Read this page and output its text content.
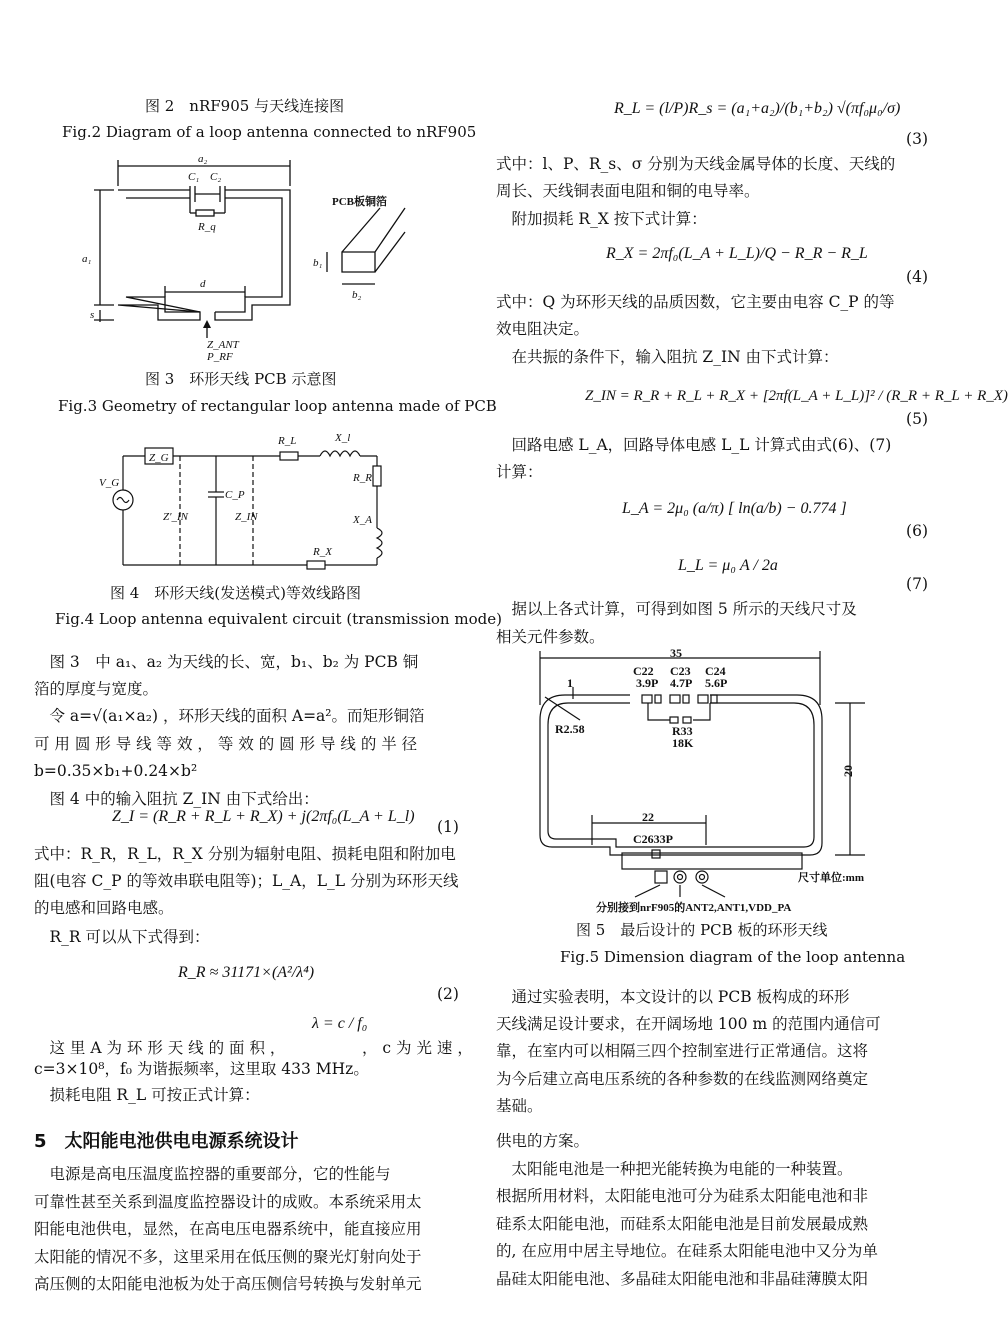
图 2　nRF905 与天线连接图
Fig.2 Diagram of a loop antenna connected to nRF905
a₂
C₁ C₂
R_q
a₁
d
s
Z_ANT
P_RF
b₁
b₂
PCB板铜箔
图 3　环形天线 PCB 示意图
Fig.3 Geometry of rectangular loop antenna made of PCB
V_G
Z_G
R_L	X_l
R_R
Z′_IN
C_P
Z_IN	X_A
R_X
图 4　环形天线(发送模式)等效线路图
Fig.4 Loop antenna equivalent circuit (transmission mode)
　图 3　中 a₁、a₂ 为天线的长、宽，b₁、b₂ 为 PCB 铜
箔的厚度与宽度。
　令 a=√(a₁×a₂) ，环形天线的面积 A=a²。而矩形铜箔
可 用 圆 形 导 线 等 效 ， 等 效 的 圆 形 导 线 的 半 径
b=0.35×b₁+0.24×b²
　图 4 中的输入阻抗 Z_IN 由下式给出：
Z_I = (R_R + R_L + R_X) + j(2πf₀(L_A + L_l)
(1)
式中：R_R，R_L，R_X 分别为辐射电阻、损耗电阻和附加电
阻(电容 C_P 的等效串联电阻等)；L_A，L_L 分别为环形天线
的电感和回路电感。
　R_R 可以从下式得到：
R_R ≈ 31171×(A²/λ⁴)
(2)
λ = c / f₀
　这 里 A 为 环 形 天 线 的 面 积 ，	， c 为 光 速 ，
c=3×10⁸，f₀ 为谐振频率，这里取 433 MHz。
　损耗电阻 R_L 可按正式计算：
5　太阳能电池供电电源系统设计
　电源是高电压温度监控器的重要部分，它的性能与
可靠性甚至关系到温度监控器设计的成败。本系统采用太
阳能电池供电，显然，在高电压电器系统中，能直接应用
太阳能的情况不多，这里采用在低压侧的聚光灯射向处于
高压侧的太阳能电池板为处于高压侧信号转换与发射单元
R_L = (l/P)R_s = (a₁+a₂)/(b₁+b₂) √(πf₀μ₀/σ)
(3)
式中：l、P、R_s、σ 分别为天线金属导体的长度、天线的
周长、天线铜表面电阻和铜的电导率。
　附加损耗 R_X 按下式计算：
R_X = 2πf₀(L_A + L_L)/Q − R_R − R_L
(4)
式中：Q 为环形天线的品质因数，它主要由电容 C_P 的等
效电阻决定。
　在共振的条件下，输入阻抗 Z_IN 由下式计算：
Z_IN = R_R + R_L + R_X + [2πf(L_A + L_L)]² / (R_R + R_L + R_X)
(5)
　回路电感 L_A，回路导体电感 L_L 计算式由式(6)、(7)
计算：
L_A = 2μ₀ (a/π) [ ln(a/b) − 0.774 ]
(6)
L_L = μ₀ A / 2a
(7)
　据以上各式计算，可得到如图 5 所示的天线尺寸及
相关元件参数。
35
C22
3.9P
C23
4.7P
C24
5.6P
1
R2.58	R33
18K
20
22
C2633P
尺寸单位:mm
分别接到nrF905的ANT2,ANT1,VDD_PA
图 5　最后设计的 PCB 板的环形天线
Fig.5 Dimension diagram of the loop antenna
　通过实验表明，本文设计的以 PCB 板构成的环形
天线满足设计要求，在开阔场地 100 m 的范围内通信可
靠，在室内可以相隔三四个控制室进行正常通信。这将
为今后建立高电压系统的各种参数的在线监测网络奠定
基础。
供电的方案。
　太阳能电池是一种把光能转换为电能的一种装置。
根据所用材料，太阳能电池可分为硅系太阳能电池和非
硅系太阳能电池，而硅系太阳能电池是目前发展最成熟
的, 在应用中居主导地位。在硅系太阳能电池中又分为单
晶硅太阳能电池、多晶硅太阳能电池和非晶硅薄膜太阳
